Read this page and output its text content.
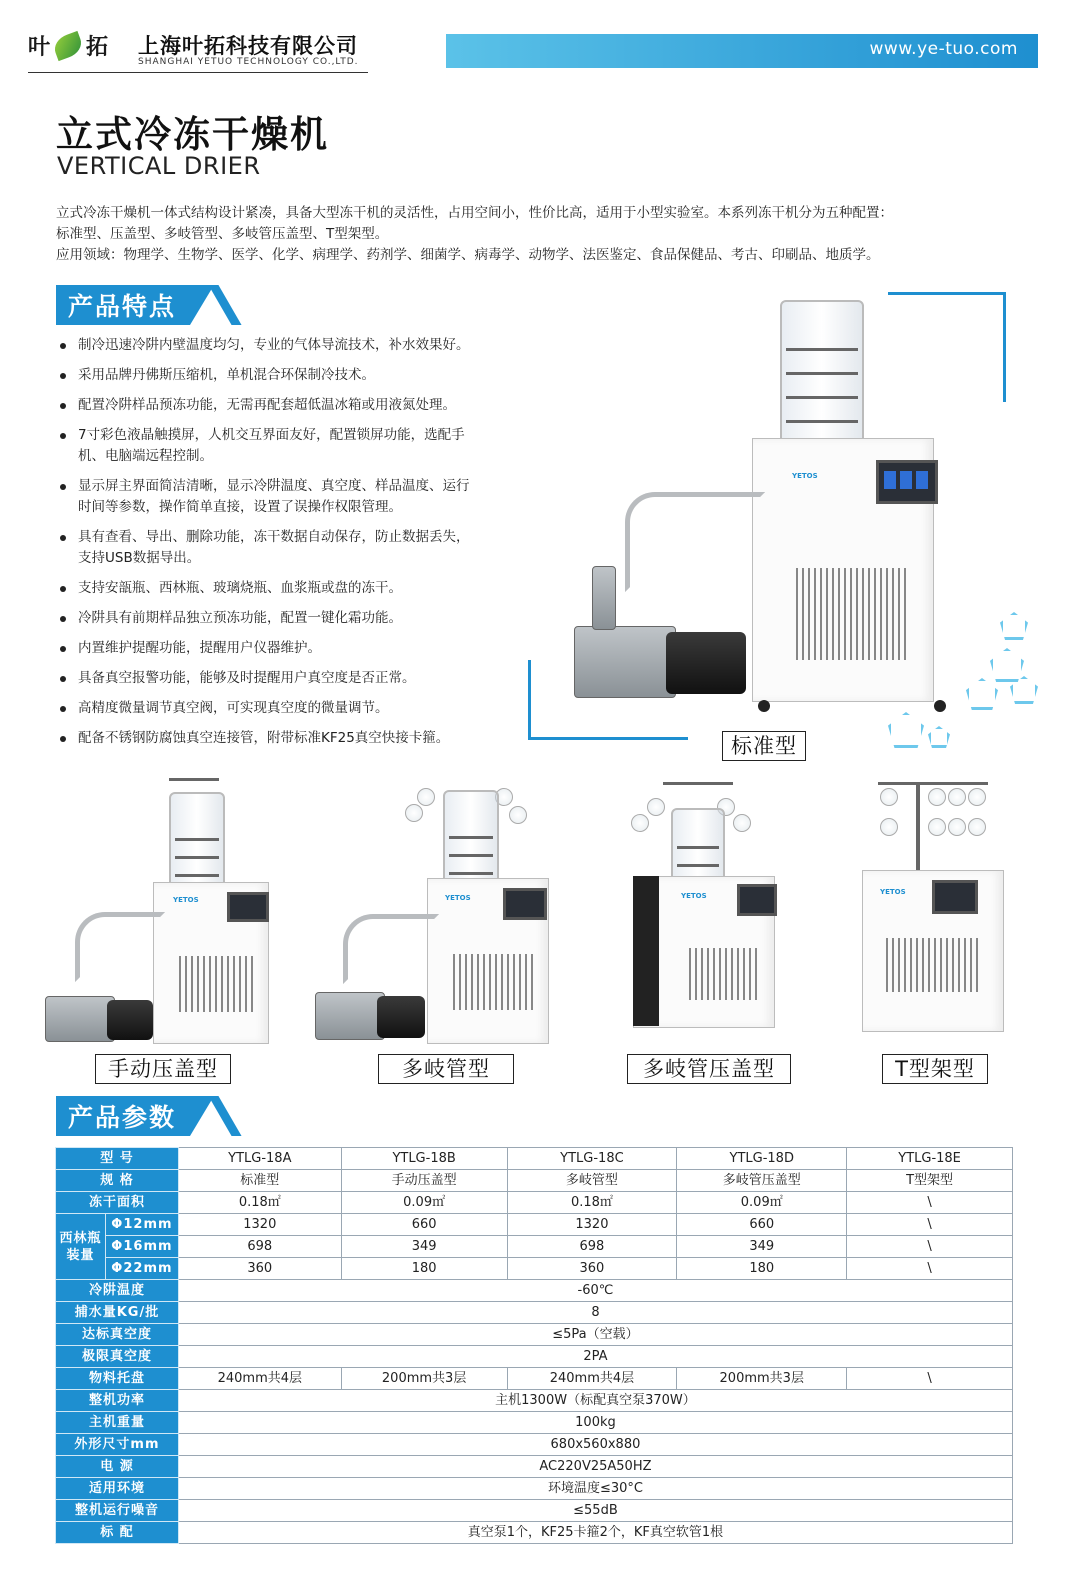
叶 拓 上海叶拓科技有限公司
SHANGHAI YETUO TECHNOLOGY CO.,LTD.
www.ye-tuo.com
立式冷冻干燥机
VERTICAL DRIER

立式冷冻干燥机一体式结构设计紧凑，具备大型冻干机的灵活性，占用空间小，性价比高，适用于小型实验室。本系列冻干机分为五种配置：

标准型、压盖型、多岐管型、多岐管压盖型、T型架型。

应用领域：物理学、生物学、医学、化学、病理学、药剂学、细菌学、病毒学、动物学、法医鉴定、食品保健品、考古、印刷品、地质学。

产品特点
制冷迅速冷阱内壁温度均匀，专业的气体导流技术，补水效果好。
采用品牌丹佛斯压缩机，单机混合环保制冷技术。
配置冷阱样品预冻功能，无需再配套超低温冰箱或用液氮处理。
7寸彩色液晶触摸屏，人机交互界面友好，配置锁屏功能，选配手
机、电脑端远程控制。
显示屏主界面简洁清晰，显示冷阱温度、真空度、样品温度、运行
时间等参数，操作简单直接，设置了误操作权限管理。
具有查看、导出、删除功能，冻干数据自动保存，防止数据丢失，
支持USB数据导出。
支持安瓿瓶、西林瓶、玻璃烧瓶、血浆瓶或盘的冻干。
冷阱具有前期样品独立预冻功能，配置一键化霜功能。
内置维护提醒功能，提醒用户仪器维护。
具备真空报警功能，能够及时提醒用户真空度是否正常。
高精度微量调节真空阀，可实现真空度的微量调节。
配备不锈钢防腐蚀真空连接管，附带标准KF25真空快接卡箍。
YETOS
标准型
YETOS
手动压盖型
YETOS
多岐管型
YETOS
多岐管压盖型
YETOS
T型架型
产品参数
型 号		YTLG-18A	YTLG-18B	YTLG-18C	YTLG-18D	YTLG-18E
规 格		标准型	手动压盖型	多岐管型	多岐管压盖型	T型架型
冻干面积		0.18㎡	0.09㎡	0.18㎡	0.09㎡	\

西林瓶
装量	Φ12mm	1320	660	1320	660	\
	Φ16mm	698	349	698	349	\
	Φ22mm	360	180	360	180	\
冷阱温度		-60℃				
捕水量KG/批		8				
达标真空度		≤5Pa（空载）				
极限真空度		2PA				
物料托盘		240mm共4层	200mm共3层	240mm共4层	200mm共3层	\
整机功率		主机1300W（标配真空泵370W）				
主机重量		100kg				
外形尺寸mm		680x560x880				
电 源		AC220V25A50HZ				
适用环境		环境温度≤30°C				
整机运行噪音		≤55dB				
标 配		真空泵1个，KF25卡箍2个，KF真空软管1根				
